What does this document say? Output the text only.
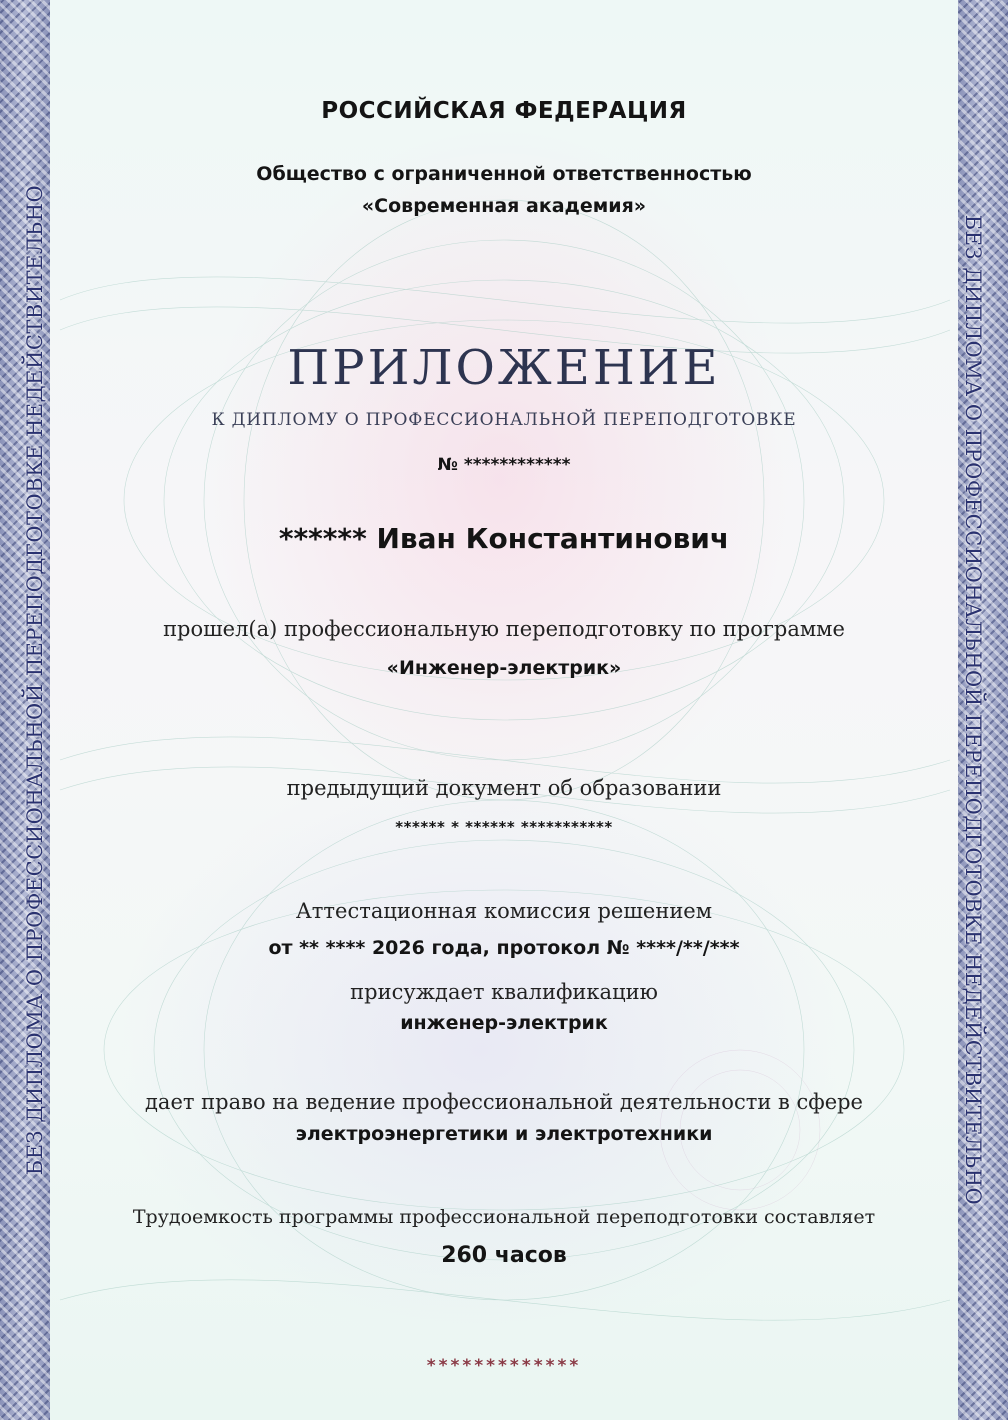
БЕЗ ДИПЛОМА О ПРОФЕССИОНАЛЬНОЙ ПЕРЕПОДГОТОВКЕ НЕДЕЙСТВИТЕЛЬНО	БЕЗ ДИПЛОМА О ПРОФЕССИОНАЛЬНОЙ ПЕРЕПОДГОТОВКЕ НЕДЕЙСТВИТЕЛЬНО
РОССИЙСКАЯ ФЕДЕРАЦИЯ
Общество с ограниченной ответственностью
«Современная академия»
ПРИЛОЖЕНИЕ
К ДИПЛОМУ О ПРОФЕССИОНАЛЬНОЙ ПЕРЕПОДГОТОВКЕ
№ ************
****** Иван Константинович
прошел(а) профессиональную переподготовку по программе
«Инженер-электрик»
предыдущий документ об образовании
****** * ****** ***********
Аттестационная комиссия решением
от ** **** 2026 года, протокол № ****/**/***
присуждает квалификацию
инженер-электрик
дает право на ведение профессиональной деятельности в сфере
электроэнергетики и электротехники
Трудоемкость программы профессиональной переподготовки составляет
260 часов
*************
